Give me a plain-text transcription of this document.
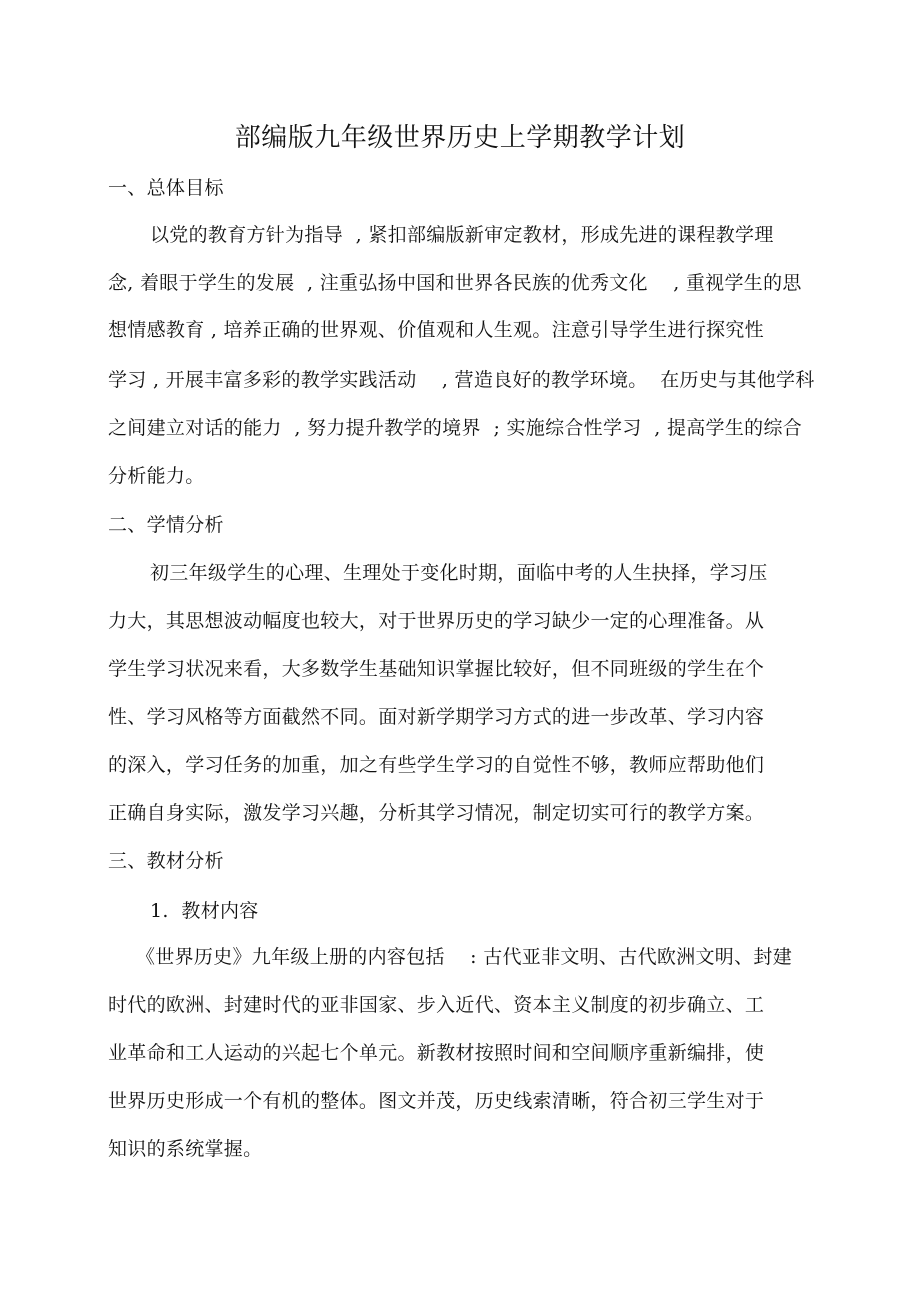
部编版九年级世界历史上学期教学计划
一、总体目标
以党的教育方针为指导  , 紧扣部编版新审定教材，形成先进的课程教学理
念, 着眼于学生的发展  , 注重弘扬中国和世界各民族的优秀文化    , 重视学生的思
想情感教育 , 培养正确的世界观、价值观和人生观。注意引导学生进行探究性
学习 , 开展丰富多彩的教学实践活动    , 营造良好的教学环境。  在历史与其他学科
之间建立对话的能力  , 努力提升教学的境界  ; 实施综合性学习  , 提高学生的综合
分析能力。
二、学情分析
初三年级学生的心理、生理处于变化时期，面临中考的人生抉择，学习压
力大，其思想波动幅度也较大，对于世界历史的学习缺少一定的心理准备。从
学生学习状况来看，大多数学生基础知识掌握比较好，但不同班级的学生在个
性、学习风格等方面截然不同。面对新学期学习方式的进一步改革、学习内容
的深入，学习任务的加重，加之有些学生学习的自觉性不够，教师应帮助他们
正确自身实际，激发学习兴趣，分析其学习情况，制定切实可行的教学方案。
三、教材分析
1.  教材内容
《世界历史》九年级上册的内容包括    : 古代亚非文明、古代欧洲文明、封建
时代的欧洲、封建时代的亚非国家、步入近代、资本主义制度的初步确立、工
业革命和工人运动的兴起七个单元。新教材按照时间和空间顺序重新编排，使
世界历史形成一个有机的整体。图文并茂，历史线索清晰，符合初三学生对于
知识的系统掌握。
